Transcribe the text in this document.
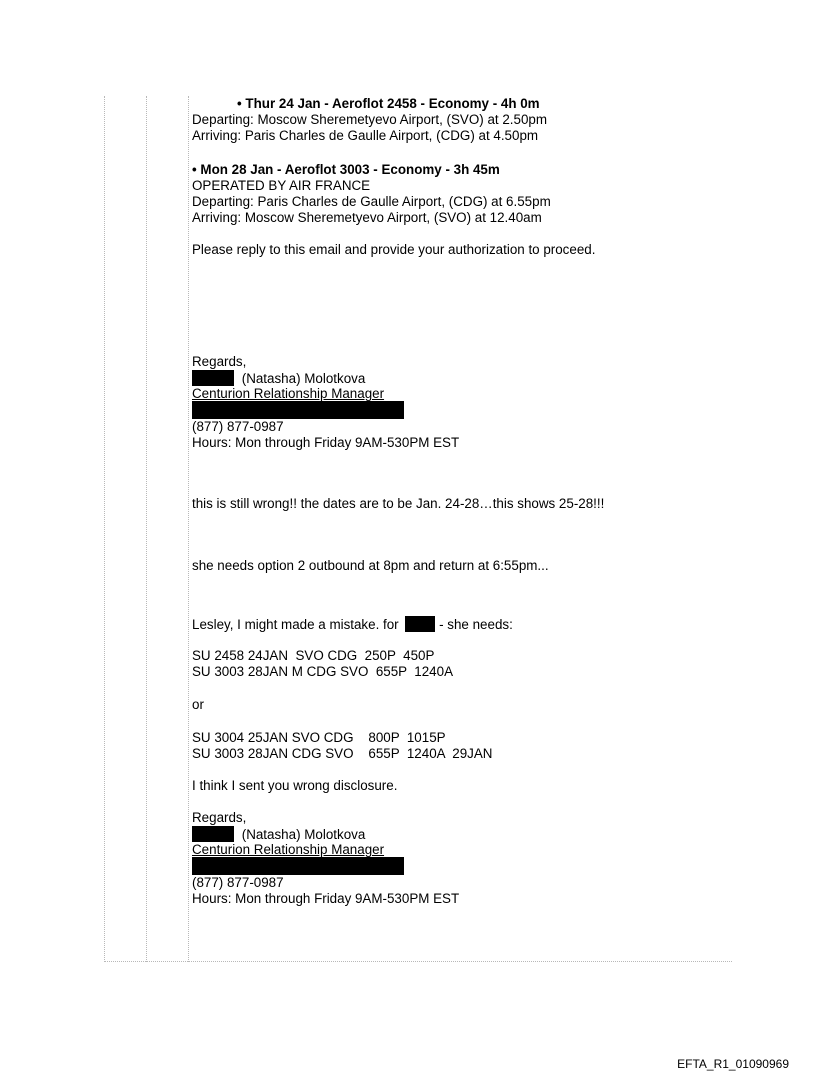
• Thur 24 Jan - Aeroflot 2458 - Economy - 4h 0m
Departing: Moscow Sheremetyevo Airport, (SVO) at 2.50pm
Arriving: Paris Charles de Gaulle Airport, (CDG) at 4.50pm
• Mon 28 Jan - Aeroflot 3003 - Economy - 3h 45m
OPERATED BY AIR FRANCE
Departing: Paris Charles de Gaulle Airport, (CDG) at 6.55pm
Arriving: Moscow Sheremetyevo Airport, (SVO) at 12.40am
Please reply to this email and provide your authorization to proceed.
Regards,
(Natasha) Molotkova
Centurion Relationship Manager
(877) 877-0987
Hours: Mon through Friday 9AM-530PM EST
this is still wrong!! the dates are to be Jan. 24-28…this shows 25-28!!!
she needs option 2 outbound at 8pm and return at 6:55pm...
Lesley, I might made a mistake. for	- she needs:
SU 2458 24JAN  SVO CDG  250P  450P
SU 3003 28JAN M CDG SVO  655P  1240A
or
SU 3004 25JAN SVO CDG    800P  1015P
SU 3003 28JAN CDG SVO    655P  1240A  29JAN
I think I sent you wrong disclosure.
Regards,
(Natasha) Molotkova
Centurion Relationship Manager
(877) 877-0987
Hours: Mon through Friday 9AM-530PM EST
EFTA_R1_01090969
